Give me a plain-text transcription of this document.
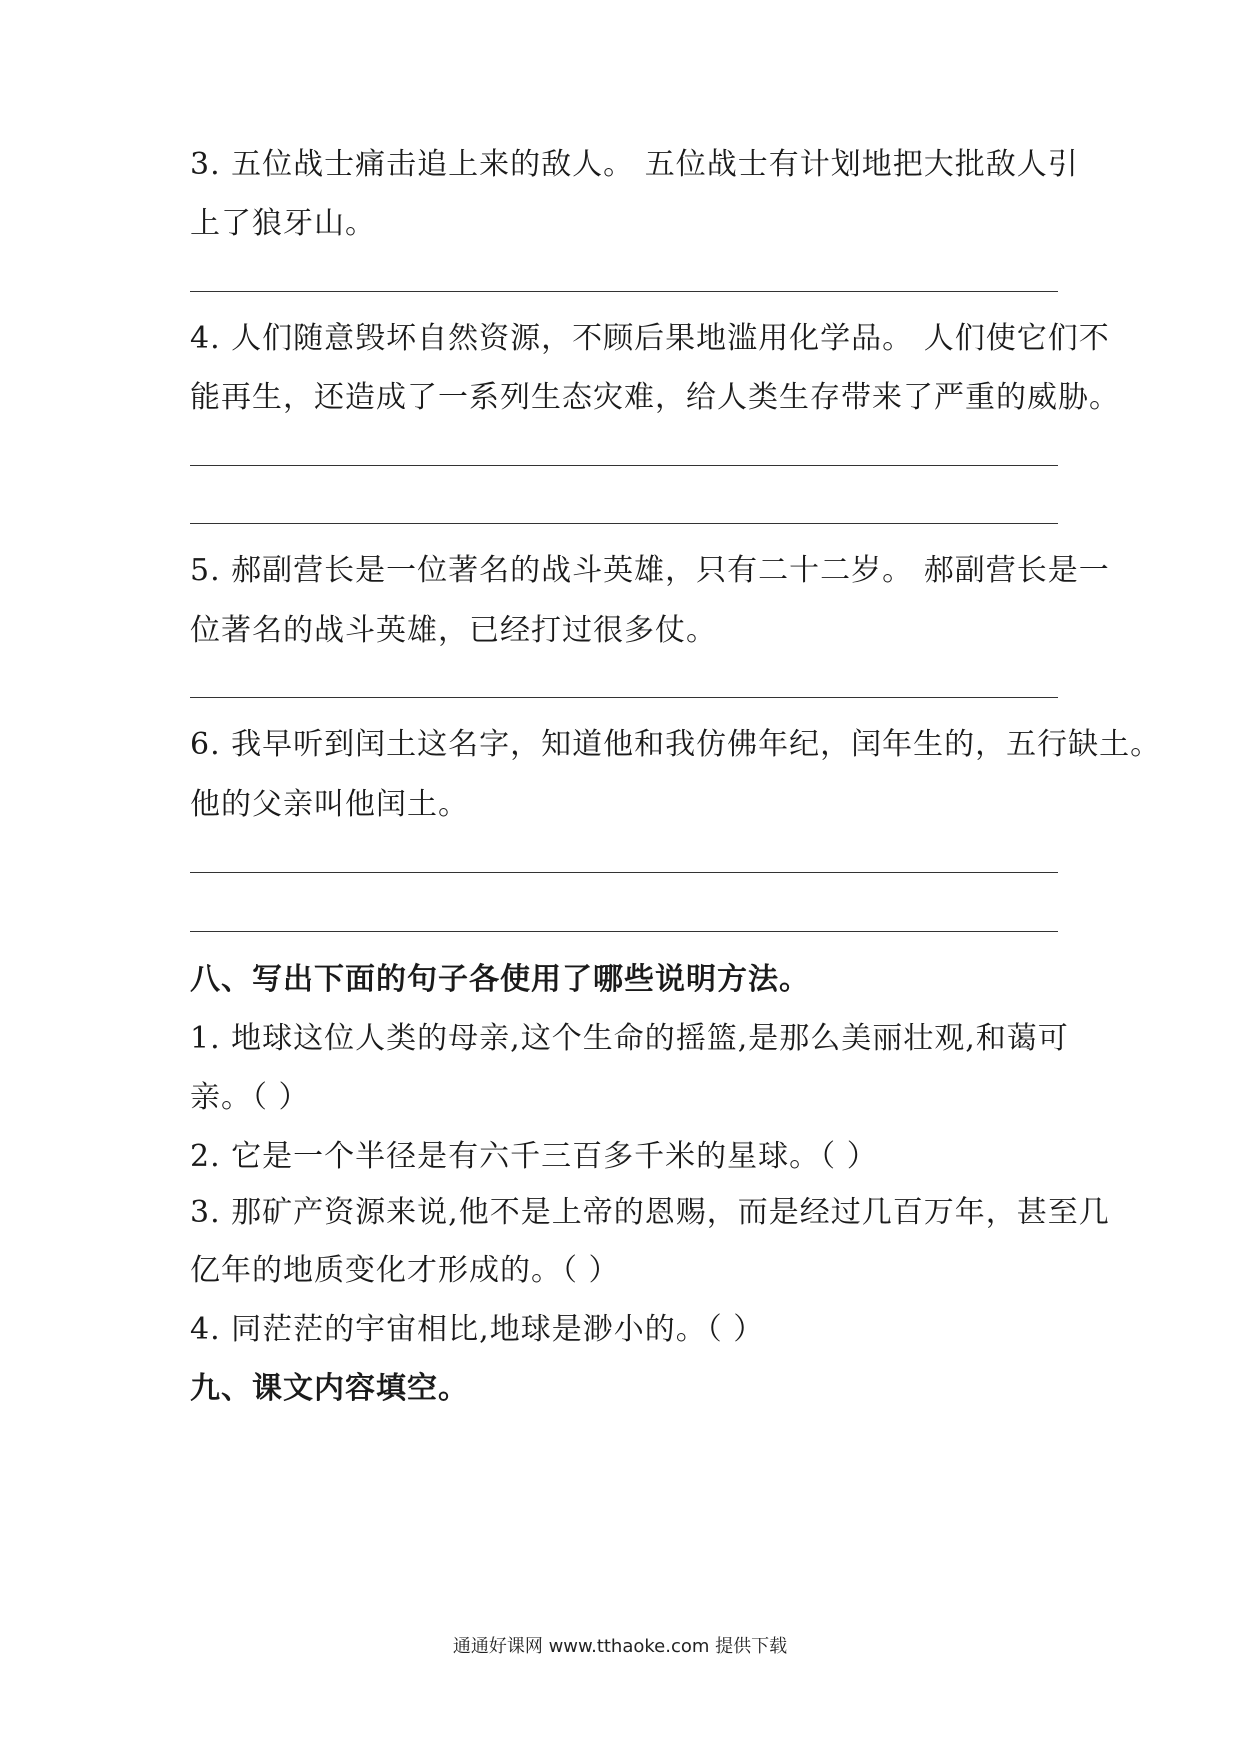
3. 五位战士痛击追上来的敌人。 五位战士有计划地把大批敌人引
上了狼牙山。
4. 人们随意毁坏自然资源，不顾后果地滥用化学品。 人们使它们不
能再生，还造成了一系列生态灾难，给人类生存带来了严重的威胁。
5. 郝副营长是一位著名的战斗英雄，只有二十二岁。 郝副营长是一
位著名的战斗英雄，已经打过很多仗。
6. 我早听到闰土这名字，知道他和我仿佛年纪，闰年生的，五行缺土。
他的父亲叫他闰土。
八、写出下面的句子各使用了哪些说明方法。
1. 地球这位人类的母亲,这个生命的摇篮,是那么美丽壮观,和蔼可
亲。（ ）
2. 它是一个半径是有六千三百多千米的星球。（ ）
3. 那矿产资源来说,他不是上帝的恩赐，而是经过几百万年，甚至几
亿年的地质变化才形成的。（ ）
4. 同茫茫的宇宙相比,地球是渺小的。（ ）
九、课文内容填空。
通通好课网 www.tthaoke.com 提供下载
